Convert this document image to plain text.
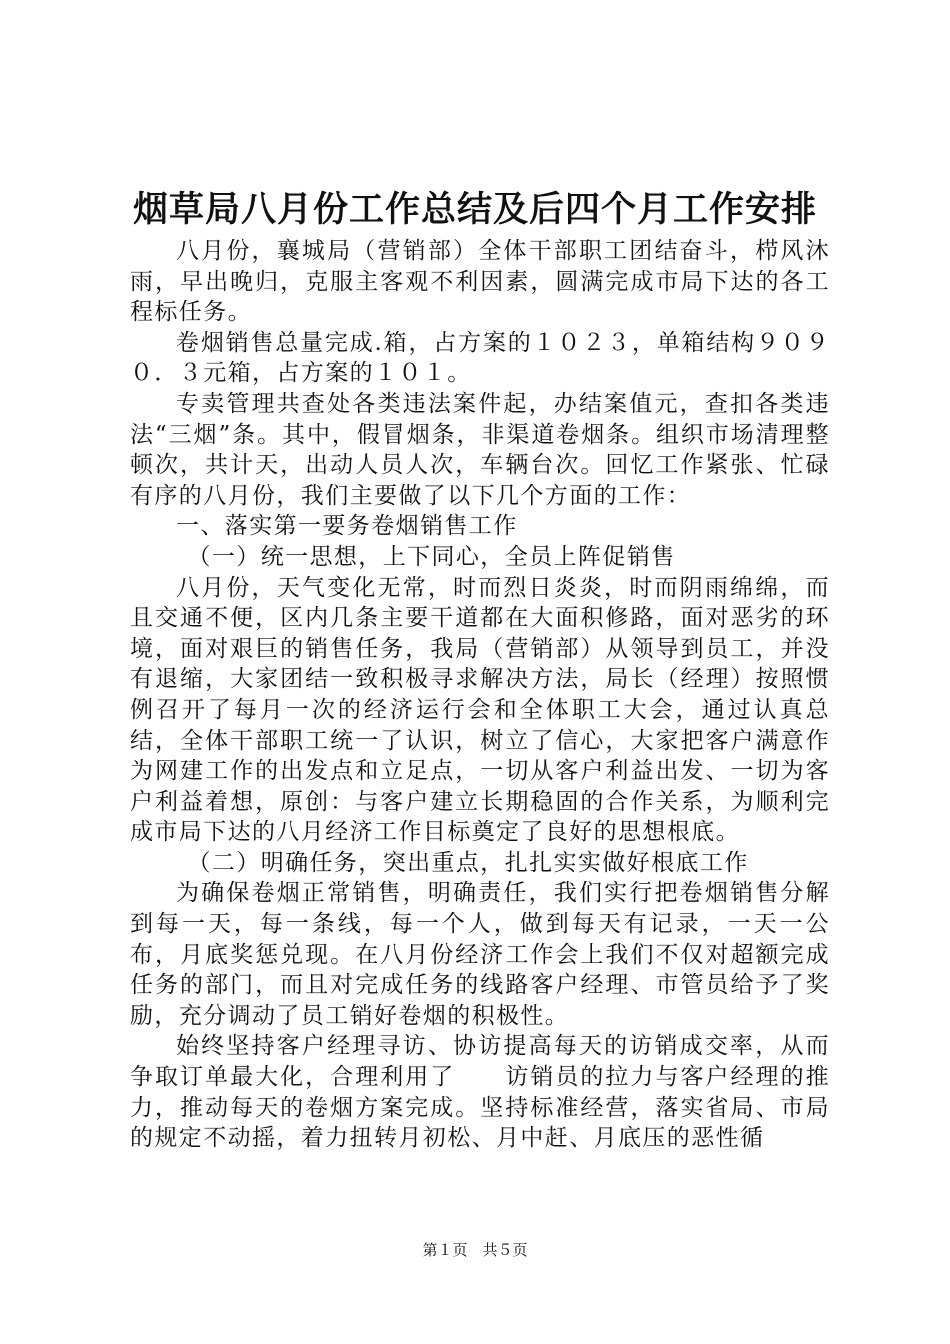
烟草局八月份工作总结及后四个月工作安排

八月份，襄城局（营销部）全体干部职工团结奋斗，栉风沐雨，早出晚归，克服主客观不利因素，圆满完成市局下达的各工程标任务。

卷烟销售总量完成.箱，占方案的１０２３，单箱结构９０９０．３元箱，占方案的１０１。

专卖管理共查处各类违法案件起，办结案值元，查扣各类违法“三烟”条。其中，假冒烟条，非渠道卷烟条。组织市场清理整顿次，共计天，出动人员人次，车辆台次。回忆工作紧张、忙碌有序的八月份，我们主要做了以下几个方面的工作：

一、落实第一要务卷烟销售工作

（一）统一思想，上下同心，全员上阵促销售

八月份，天气变化无常，时而烈日炎炎，时而阴雨绵绵，而且交通不便，区内几条主要干道都在大面积修路，面对恶劣的环境，面对艰巨的销售任务，我局（营销部）从领导到员工，并没有退缩，大家团结一致积极寻求解决方法，局长（经理）按照惯例召开了每月一次的经济运行会和全体职工大会，通过认真总结，全体干部职工统一了认识，树立了信心，大家把客户满意作为网建工作的出发点和立足点，一切从客户利益出发、一切为客户利益着想，原创：与客户建立长期稳固的合作关系，为顺利完成市局下达的八月经济工作目标奠定了良好的思想根底。

（二）明确任务，突出重点，扎扎实实做好根底工作

为确保卷烟正常销售，明确责任，我们实行把卷烟销售分解到每一天，每一条线，每一个人，做到每天有记录，一天一公布，月底奖惩兑现。在八月份经济工作会上我们不仅对超额完成任务的部门，而且对完成任务的线路客户经理、市管员给予了奖励，充分调动了员工销好卷烟的积极性。

始终坚持客户经理寻访、协访提高每天的访销成交率，从而争取订单最大化，合理利用了　　访销员的拉力与客户经理的推力，推动每天的卷烟方案完成。坚持标准经营，落实省局、市局的规定不动摇，着力扭转月初松、月中赶、月底压的恶性循

第１页　共５页
